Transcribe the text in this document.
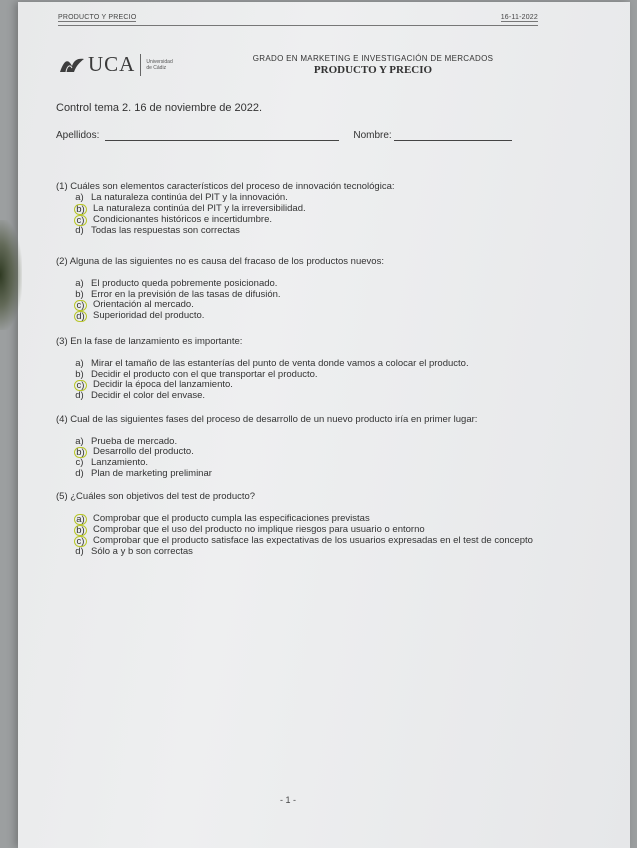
PRODUCTO Y PRECIO	16-11-2022
UCA Universidad
de Cádiz
GRADO EN MARKETING E INVESTIGACIÓN DE MERCADOS
PRODUCTO Y PRECIO
Control tema 2. 16 de noviembre de 2022.
Apellidos:	Nombre:
(1) Cuáles son elementos característicos del proceso de innovación tecnológica:
a) La naturaleza continúa del PIT y la innovación.
b) La naturaleza continúa del PIT y la irreversibilidad.
c) Condicionantes históricos e incertidumbre.
d) Todas las respuestas son correctas
(2) Alguna de las siguientes no es causa del fracaso de los productos nuevos:
a) El producto queda pobremente posicionado.
b) Error en la previsión de las tasas de difusión.
c) Orientación al mercado.
d) Superioridad del producto.
(3) En la fase de lanzamiento es importante:
a) Mirar el tamaño de las estanterías del punto de venta donde vamos a colocar el producto.
b) Decidir el producto con el que transportar el producto.
c) Decidir la época del lanzamiento.
d) Decidir el color del envase.
(4) Cual de las siguientes fases del proceso de desarrollo de un nuevo producto iría en primer lugar:
a) Prueba de mercado.
b) Desarrollo del producto.
c) Lanzamiento.
d) Plan de marketing preliminar
(5) ¿Cuáles son objetivos del test de producto?
a) Comprobar que el producto cumpla las especificaciones previstas
b) Comprobar que el uso del producto no implique riesgos para usuario o entorno
c) Comprobar que el producto satisface las expectativas de los usuarios expresadas en el test de concepto
d) Sólo a y b son correctas
- 1 -
